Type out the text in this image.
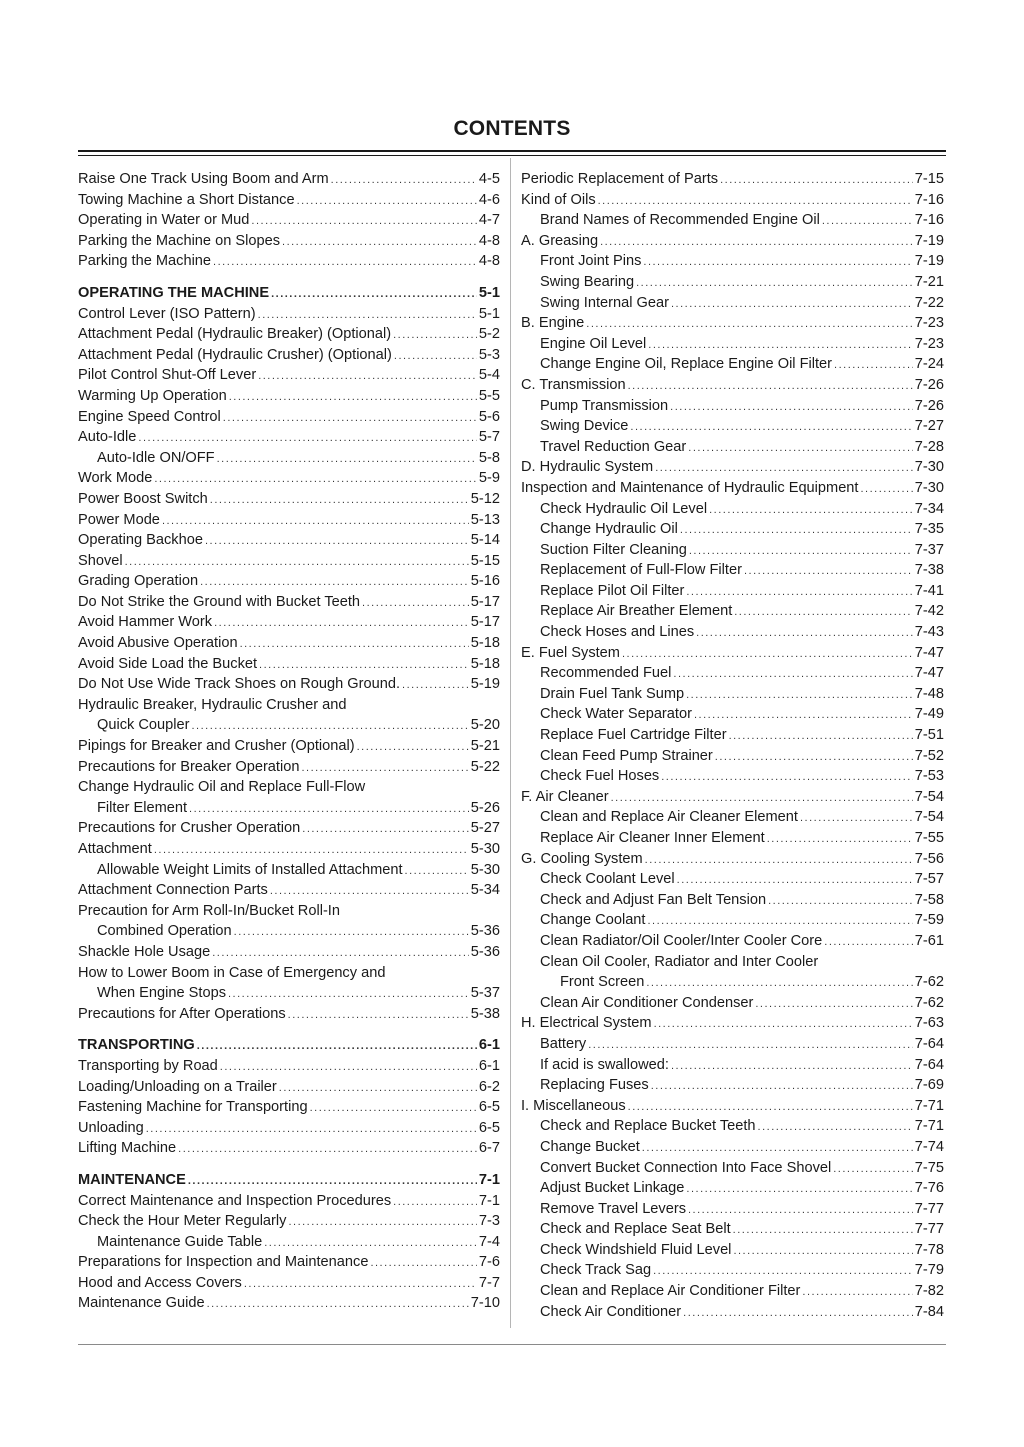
CONTENTS
Raise One Track Using Boom and Arm .....	4-5
Towing Machine a Short Distance .....	4-6
Operating in Water or Mud .....	4-7
Parking the Machine on Slopes .....	4-8
Parking the Machine .....	4-8
OPERATING THE MACHINE .....	5-1
Control Lever (ISO Pattern) .....	5-1
Attachment Pedal (Hydraulic Breaker) (Optional) .....	5-2
Attachment Pedal (Hydraulic Crusher) (Optional) .....	5-3
Pilot Control Shut-Off Lever .....	5-4
Warming Up Operation .....	5-5
Engine Speed Control .....	5-6
Auto-Idle .....	5-7
Auto-Idle ON/OFF .....	5-8
Work Mode .....	5-9
Power Boost Switch .....	5-12
Power Mode .....	5-13
Operating Backhoe .....	5-14
Shovel .....	5-15
Grading Operation .....	5-16
Do Not Strike the Ground with Bucket Teeth .....	5-17
Avoid Hammer Work .....	5-17
Avoid Abusive Operation .....	5-18
Avoid Side Load the Bucket .....	5-18
Do Not Use Wide Track Shoes on Rough Ground. .....	5-19
Hydraulic Breaker, Hydraulic Crusher and
Quick Coupler .....	5-20
Pipings for Breaker and Crusher (Optional) .....	5-21
Precautions for Breaker Operation .....	5-22
Change Hydraulic Oil and Replace Full-Flow
Filter Element .....	5-26
Precautions for Crusher Operation .....	5-27
Attachment .....	5-30
Allowable Weight Limits of Installed Attachment .....	5-30
Attachment Connection Parts .....	5-34
Precaution for Arm Roll-In/Bucket Roll-In
Combined Operation .....	5-36
Shackle Hole Usage .....	5-36
How to Lower Boom in Case of Emergency and
When Engine Stops .....	5-37
Precautions for After Operations .....	5-38
TRANSPORTING .....	6-1
Transporting by Road .....	6-1
Loading/Unloading on a Trailer .....	6-2
Fastening Machine for Transporting .....	6-5
Unloading .....	6-5
Lifting Machine .....	6-7
MAINTENANCE .....	7-1
Correct Maintenance and Inspection Procedures .....	7-1
Check the Hour Meter Regularly .....	7-3
Maintenance Guide Table .....	7-4
Preparations for Inspection and Maintenance .....	7-6
Hood and Access Covers .....	7-7
Maintenance Guide .....	7-10
Periodic Replacement of Parts .....	7-15
Kind of Oils .....	7-16
Brand Names of Recommended Engine Oil .....	7-16
A. Greasing .....	7-19
Front Joint Pins .....	7-19
Swing Bearing .....	7-21
Swing Internal Gear .....	7-22
B. Engine .....	7-23
Engine Oil Level .....	7-23
Change Engine Oil, Replace Engine Oil Filter .....	7-24
C. Transmission .....	7-26
Pump Transmission .....	7-26
Swing Device .....	7-27
Travel Reduction Gear .....	7-28
D. Hydraulic System .....	7-30
Inspection and Maintenance of Hydraulic Equipment .....	7-30
Check Hydraulic Oil Level .....	7-34
Change Hydraulic Oil .....	7-35
Suction Filter Cleaning .....	7-37
Replacement of Full-Flow Filter .....	7-38
Replace Pilot Oil Filter .....	7-41
Replace Air Breather Element .....	7-42
Check Hoses and Lines .....	7-43
E. Fuel System .....	7-47
Recommended Fuel .....	7-47
Drain Fuel Tank Sump .....	7-48
Check Water Separator .....	7-49
Replace Fuel Cartridge Filter .....	7-51
Clean Feed Pump Strainer .....	7-52
Check Fuel Hoses .....	7-53
F. Air Cleaner .....	7-54
Clean and Replace Air Cleaner Element .....	7-54
Replace Air Cleaner Inner Element .....	7-55
G. Cooling System .....	7-56
Check Coolant Level .....	7-57
Check and Adjust Fan Belt Tension .....	7-58
Change Coolant .....	7-59
Clean Radiator/Oil Cooler/Inter Cooler Core .....	7-61
Clean Oil Cooler, Radiator and Inter Cooler
Front Screen .....	7-62
Clean Air Conditioner Condenser .....	7-62
H. Electrical System .....	7-63
Battery .....	7-64
If acid is swallowed: .....	7-64
Replacing Fuses .....	7-69
I. Miscellaneous .....	7-71
Check and Replace Bucket Teeth .....	7-71
Change Bucket .....	7-74
Convert Bucket Connection Into Face Shovel .....	7-75
Adjust Bucket Linkage .....	7-76
Remove Travel Levers .....	7-77
Check and Replace Seat Belt .....	7-77
Check Windshield Fluid Level .....	7-78
Check Track Sag .....	7-79
Clean and Replace Air Conditioner Filter .....	7-82
Check Air Conditioner .....	7-84
